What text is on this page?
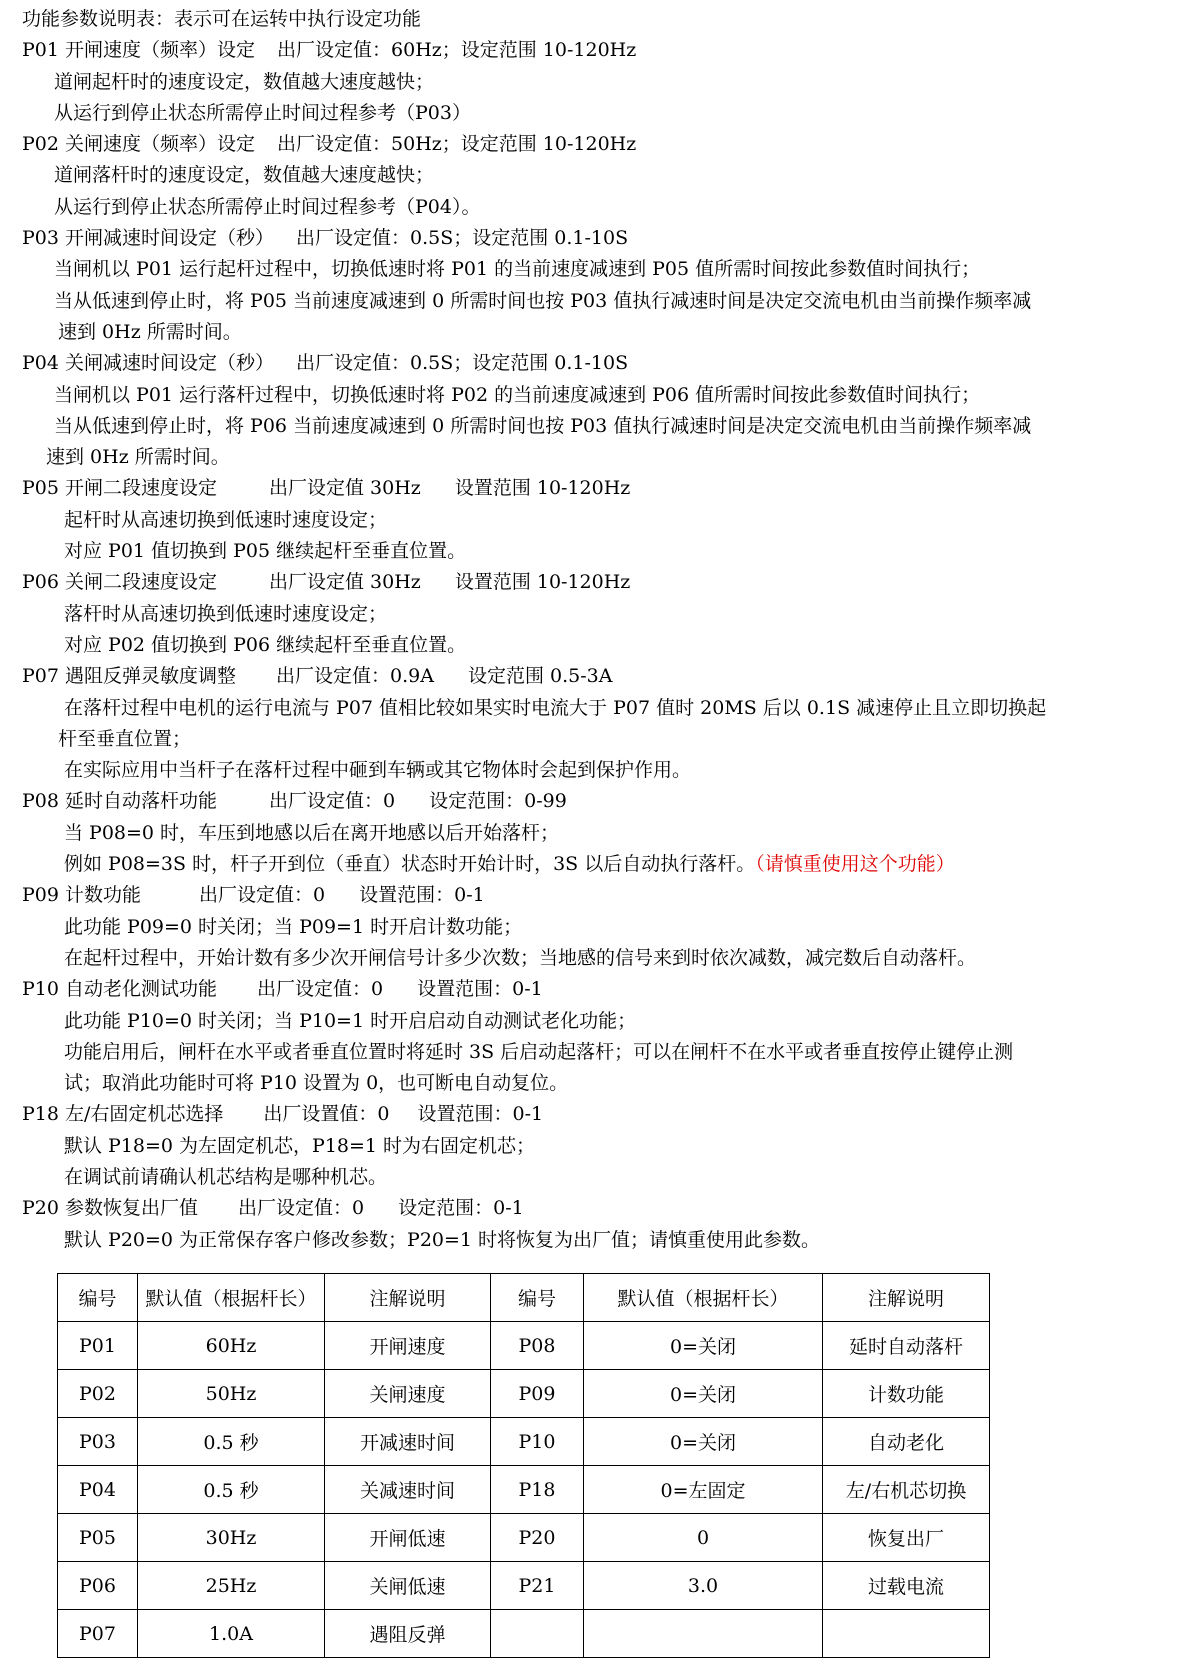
功能参数说明表：表示可在运转中执行设定功能
P01 开闸速度（频率）设定 出厂设定值：60Hz；设定范围 10-120Hz
道闸起杆时的速度设定，数值越大速度越快；
从运行到停止状态所需停止时间过程参考（P03）
P02 关闸速度（频率）设定 出厂设定值：50Hz；设定范围 10-120Hz
道闸落杆时的速度设定，数值越大速度越快；
从运行到停止状态所需停止时间过程参考（P04）。
P03 开闸减速时间设定（秒） 出厂设定值：0.5S；设定范围 0.1-10S
当闸机以 P01 运行起杆过程中，切换低速时将 P01 的当前速度减速到 P05 值所需时间按此参数值时间执行；
当从低速到停止时，将 P05 当前速度减速到 0 所需时间也按 P03 值执行减速时间是决定交流电机由当前操作频率减
速到 0Hz 所需时间。
P04 关闸减速时间设定（秒） 出厂设定值：0.5S；设定范围 0.1-10S
当闸机以 P01 运行落杆过程中，切换低速时将 P02 的当前速度减速到 P06 值所需时间按此参数值时间执行；
当从低速到停止时，将 P06 当前速度减速到 0 所需时间也按 P03 值执行减速时间是决定交流电机由当前操作频率减
速到 0Hz 所需时间。
P05 开闸二段速度设定	出厂设定值 30Hz 设置范围 10-120Hz
起杆时从高速切换到低速时速度设定；
对应 P01 值切换到 P05 继续起杆至垂直位置。
P06 关闸二段速度设定	出厂设定值 30Hz 设置范围 10-120Hz
落杆时从高速切换到低速时速度设定；
对应 P02 值切换到 P06 继续起杆至垂直位置。
P07 遇阻反弹灵敏度调整 出厂设定值：0.9A 设定范围 0.5-3A
在落杆过程中电机的运行电流与 P07 值相比较如果实时电流大于 P07 值时 20MS 后以 0.1S 减速停止且立即切换起
杆至垂直位置；
在实际应用中当杆子在落杆过程中砸到车辆或其它物体时会起到保护作用。
P08 延时自动落杆功能	出厂设定值：0 设定范围：0-99
当 P08=0 时，车压到地感以后在离开地感以后开始落杆；
例如 P08=3S 时，杆子开到位（垂直）状态时开始计时，3S 以后自动执行落杆。（请慎重使用这个功能）
P09 计数功能	出厂设定值：0 设置范围：0-1
此功能 P09=0 时关闭；当 P09=1 时开启计数功能；
在起杆过程中，开始计数有多少次开闸信号计多少次数；当地感的信号来到时依次减数，减完数后自动落杆。
P10 自动老化测试功能 出厂设定值：0 设置范围：0-1
此功能 P10=0 时关闭；当 P10=1 时开启启动自动测试老化功能；
功能启用后，闸杆在水平或者垂直位置时将延时 3S 后启动起落杆；可以在闸杆不在水平或者垂直按停止键停止测
试；取消此功能时可将 P10 设置为 0，也可断电自动复位。
P18 左/右固定机芯选择 出厂设置值：0 设置范围：0-1
默认 P18=0 为左固定机芯，P18=1 时为右固定机芯；
在调试前请确认机芯结构是哪种机芯。
P20 参数恢复出厂值 出厂设定值：0 设定范围：0-1
默认 P20=0 为正常保存客户修改参数；P20=1 时将恢复为出厂值；请慎重使用此参数。
编号	默认值（根据杆长）	注解说明	编号	默认值（根据杆长）	注解说明
P01	60Hz	开闸速度	P08	0=关闭	延时自动落杆
P02	50Hz	关闸速度	P09	0=关闭	计数功能
P03	0.5 秒	开减速时间	P10	0=关闭	自动老化
P04	0.5 秒	关减速时间	P18	0=左固定	左/右机芯切换
P05	30Hz	开闸低速	P20	0	恢复出厂
P06	25Hz	关闸低速	P21	3.0	过载电流
P07	1.0A	遇阻反弹			
